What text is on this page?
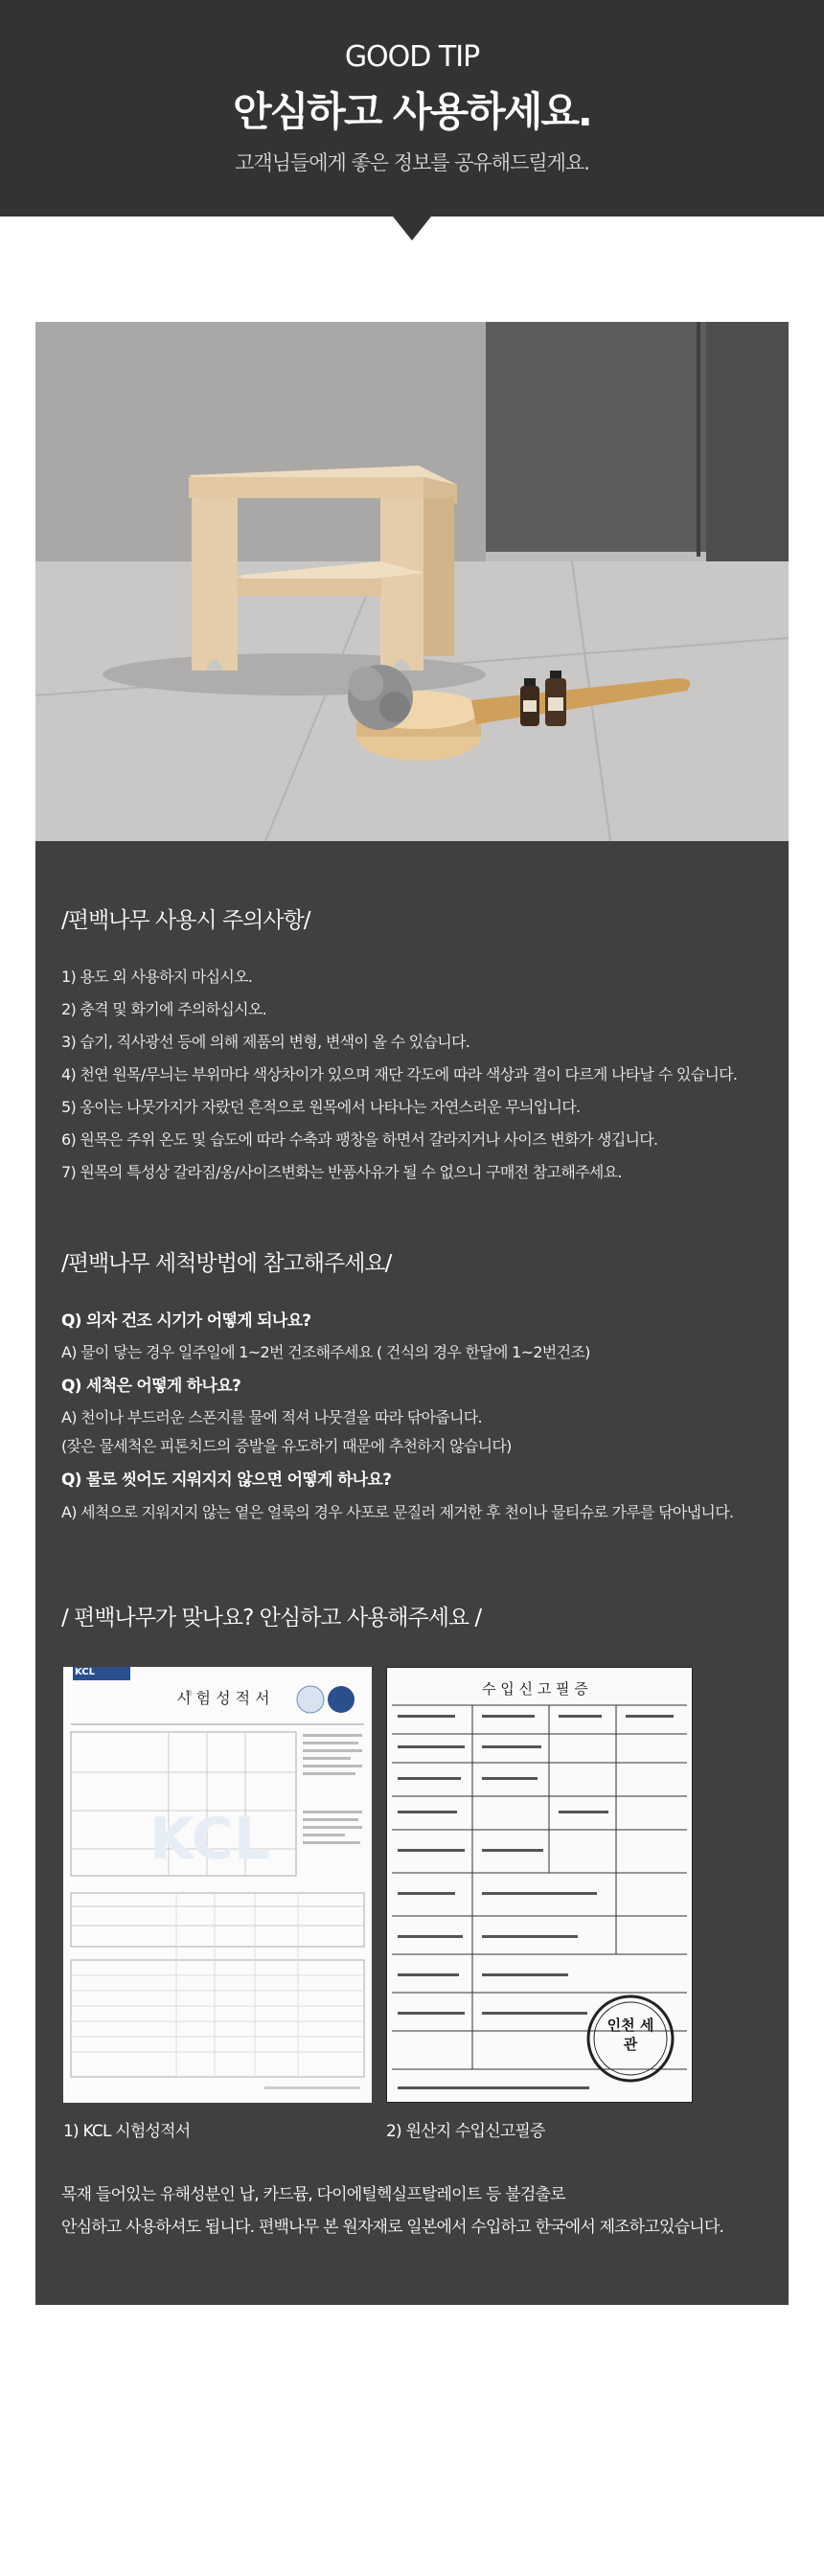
GOOD TIP
안심하고 사용하세요.
고객님들에게 좋은 정보를 공유해드릴게요.
/편백나무 사용시 주의사항/
1) 용도 외 사용하지 마십시오.
2) 충격 및 화기에 주의하십시오.
3) 습기, 직사광선 등에 의해 제품의 변형, 변색이 올 수 있습니다.
4) 천연 원목/무늬는 부위마다 색상차이가 있으며 재단 각도에 따라 색상과 결이 다르게 나타날 수 있습니다.
5) 옹이는 나뭇가지가 자랐던 흔적으로 원목에서 나타나는 자연스러운 무늬입니다.
6) 원목은 주위 온도 및 습도에 따라 수축과 팽창을 하면서 갈라지거나 사이즈 변화가 생깁니다.
7) 원목의 특성상 갈라짐/옹/사이즈변화는 반품사유가 될 수 없으니 구매전 참고해주세요.
/편백나무 세척방법에 참고해주세요/
Q) 의자 건조 시기가 어떻게 되나요?
A) 물이 닿는 경우 일주일에 1~2번 건조해주세요 ( 건식의 경우 한달에 1~2번건조)
Q) 세척은 어떻게 하나요?
A) 천이나 부드러운 스폰지를 물에 적셔 나뭇결을 따라 닦아줍니다.
(잦은 물세척은 피톤치드의 증발을 유도하기 때문에 추천하지 않습니다)
Q) 물로 씻어도 지워지지 않으면 어떻게 하나요?
A) 세척으로 지워지지 않는 옅은 얼룩의 경우 사포로 문질러 제거한 후 천이나 물티슈로 가루를 닦아냅니다.
/ 편백나무가 맞나요? 안심하고 사용해주세요 /
KCL
KCL
시 험 성 적 서	수 입 신 고 필 증
인천 세관
1) KCL 시험성적서	2) 원산지 수입신고필증
목재 들어있는 유해성분인 납, 카드뮴, 다이에틸헥실프탈레이트 등 불검출로
안심하고 사용하셔도 됩니다. 편백나무 본 원자재로 일본에서 수입하고 한국에서 제조하고있습니다.
